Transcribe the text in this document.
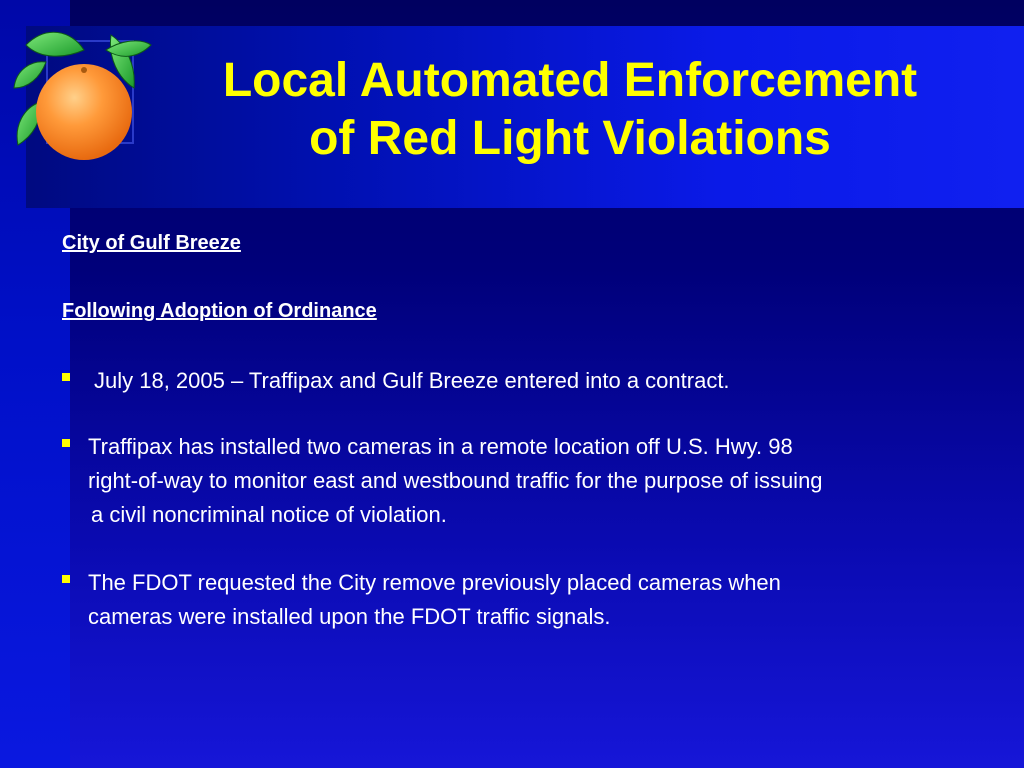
Local Automated Enforcement
of Red Light Violations
City of Gulf Breeze
Following Adoption of Ordinance
July 18, 2005 – Traffipax and Gulf Breeze entered into a contract.
Traffipax has installed two cameras in a remote location off U.S. Hwy. 98
right-of-way to monitor east and westbound traffic for the purpose of issuing
a civil noncriminal notice of violation.
The FDOT requested the City remove previously placed cameras when
cameras were installed upon the FDOT traffic signals.
